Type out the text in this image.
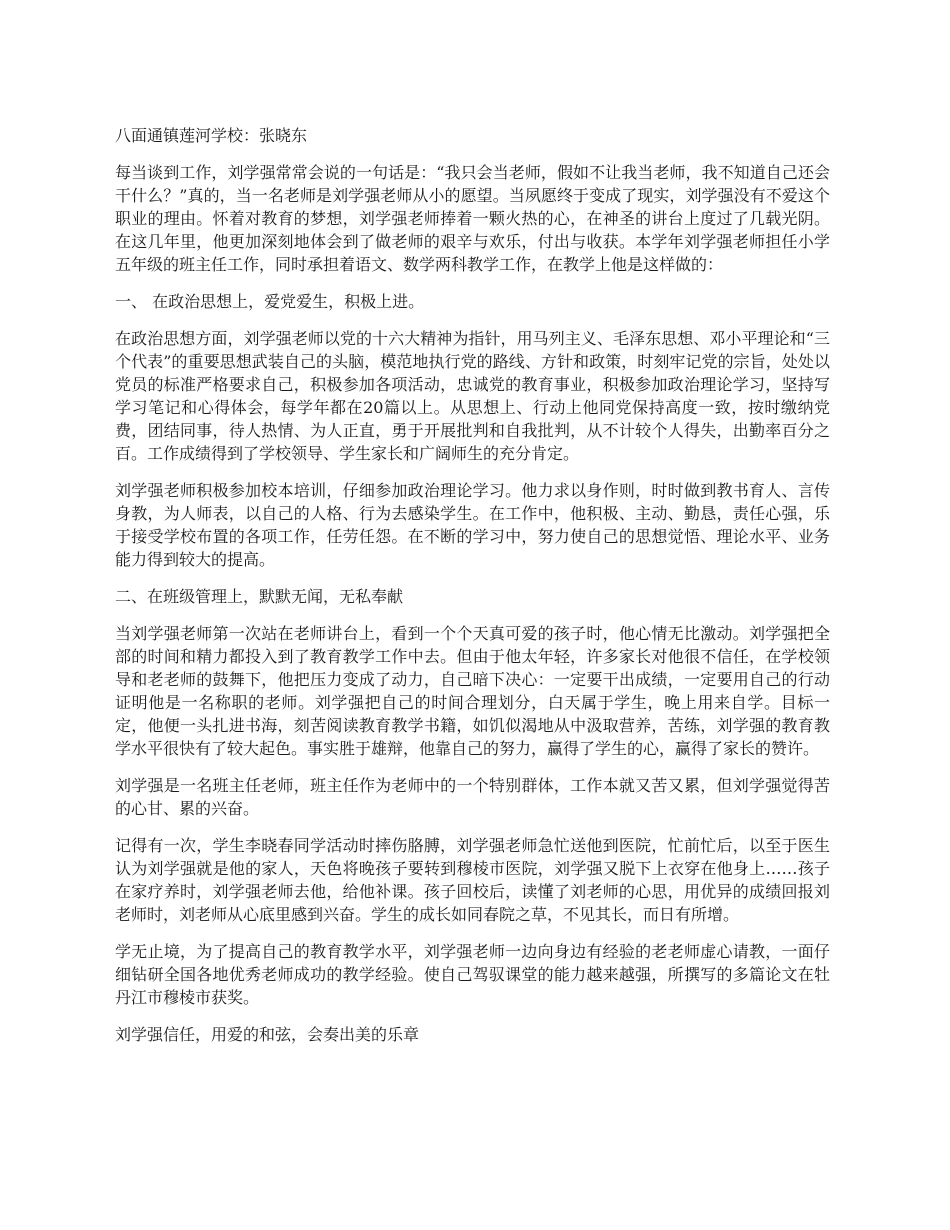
八面通镇莲河学校：张晓东

每当谈到工作，刘学强常常会说的一句话是：“我只会当老师，假如不让我当老师，我不知道自己还会干什么？”真的，当一名老师是刘学强老师从小的愿望。当夙愿终于变成了现实，刘学强没有不爱这个职业的理由。怀着对教育的梦想，刘学强老师捧着一颗火热的心，在神圣的讲台上度过了几载光阴。在这几年里，他更加深刻地体会到了做老师的艰辛与欢乐，付出与收获。本学年刘学强老师担任小学五年级的班主任工作，同时承担着语文、数学两科教学工作，在教学上他是这样做的：

一、 在政治思想上，爱党爱生，积极上进。

在政治思想方面，刘学强老师以党的十六大精神为指针，用马列主义、毛泽东思想、邓小平理论和“三个代表”的重要思想武装自己的头脑，模范地执行党的路线、方针和政策，时刻牢记党的宗旨，处处以党员的标准严格要求自己，积极参加各项活动，忠诚党的教育事业，积极参加政治理论学习，坚持写学习笔记和心得体会，每学年都在20篇以上。从思想上、行动上他同党保持高度一致，按时缴纳党费，团结同事，待人热情、为人正直，勇于开展批判和自我批判，从不计较个人得失，出勤率百分之百。工作成绩得到了学校领导、学生家长和广阔师生的充分肯定。

刘学强老师积极参加校本培训，仔细参加政治理论学习。他力求以身作则，时时做到教书育人、言传身教，为人师表，以自己的人格、行为去感染学生。在工作中，他积极、主动、勤恳，责任心强，乐于接受学校布置的各项工作，任劳任怨。在不断的学习中，努力使自己的思想觉悟、理论水平、业务能力得到较大的提高。

二、在班级管理上，默默无闻，无私奉献

当刘学强老师第一次站在老师讲台上，看到一个个天真可爱的孩子时，他心情无比激动。刘学强把全部的时间和精力都投入到了教育教学工作中去。但由于他太年轻，许多家长对他很不信任，在学校领导和老老师的鼓舞下，他把压力变成了动力，自己暗下决心：一定要干出成绩，一定要用自己的行动证明他是一名称职的老师。刘学强把自己的时间合理划分，白天属于学生，晚上用来自学。目标一定，他便一头扎进书海，刻苦阅读教育教学书籍，如饥似渴地从中汲取营养，苦练，刘学强的教育教学水平很快有了较大起色。事实胜于雄辩，他靠自己的努力，赢得了学生的心，赢得了家长的赞许。

刘学强是一名班主任老师，班主任作为老师中的一个特别群体，工作本就又苦又累，但刘学强觉得苦的心甘、累的兴奋。

记得有一次，学生李晓春同学活动时摔伤胳膊，刘学强老师急忙送他到医院，忙前忙后，以至于医生认为刘学强就是他的家人，天色将晚孩子要转到穆棱市医院，刘学强又脱下上衣穿在他身上……孩子在家疗养时，刘学强老师去他，给他补课。孩子回校后，读懂了刘老师的心思，用优异的成绩回报刘老师时，刘老师从心底里感到兴奋。学生的成长如同春院之草，不见其长，而日有所增。

学无止境，为了提高自己的教育教学水平，刘学强老师一边向身边有经验的老老师虚心请教，一面仔细钻研全国各地优秀老师成功的教学经验。使自己驾驭课堂的能力越来越强，所撰写的多篇论文在牡丹江市穆棱市获奖。

刘学强信任，用爱的和弦，会奏出美的乐章
